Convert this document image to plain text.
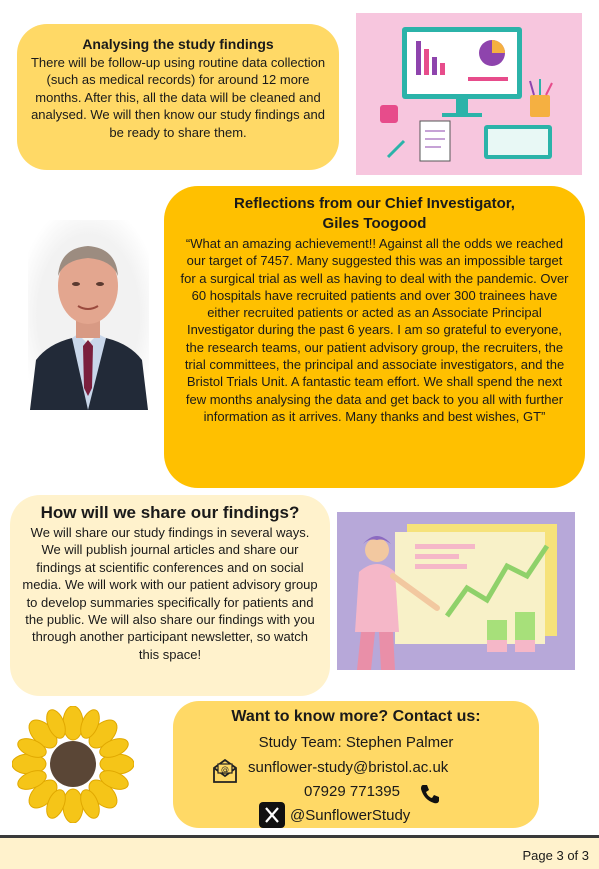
Analysing the study findings

There will be follow-up using routine data collection (such as medical records) for around 12 more months. After this, all the data will be cleaned and analysed. We will then know our study findings and be ready to share them.

Reflections from our Chief Investigator,
Giles Toogood

“What an amazing achievement!! Against all the odds we reached our target of 7457. Many suggested this was an impossible target for a surgical trial as well as having to deal with the pandemic. Over 60 hospitals have recruited patients and over 300 trainees have either recruited patients or acted as an Associate Principal Investigator during the past 6 years. I am so grateful to everyone, the research teams, our patient advisory group, the recruiters, the trial committees, the principal and associate investigators, and the Bristol Trials Unit. A fantastic team effort. We shall spend the next few months analysing the data and get back to you all with further information as it arrives. Many thanks and best wishes, GT”

How will we share our findings?

We will share our study findings in several ways. We will publish journal articles and share our findings at scientific conferences and on social media. We will work with our patient advisory group to develop summaries specifically for patients and the public. We will also share our findings with you through another participant newsletter, so watch this space!

Want to know more? Contact us:
Study Team: Stephen Palmer
@ sunflower-study@bristol.ac.uk
07929 771395
@SunflowerStudy
Page 3 of 3
